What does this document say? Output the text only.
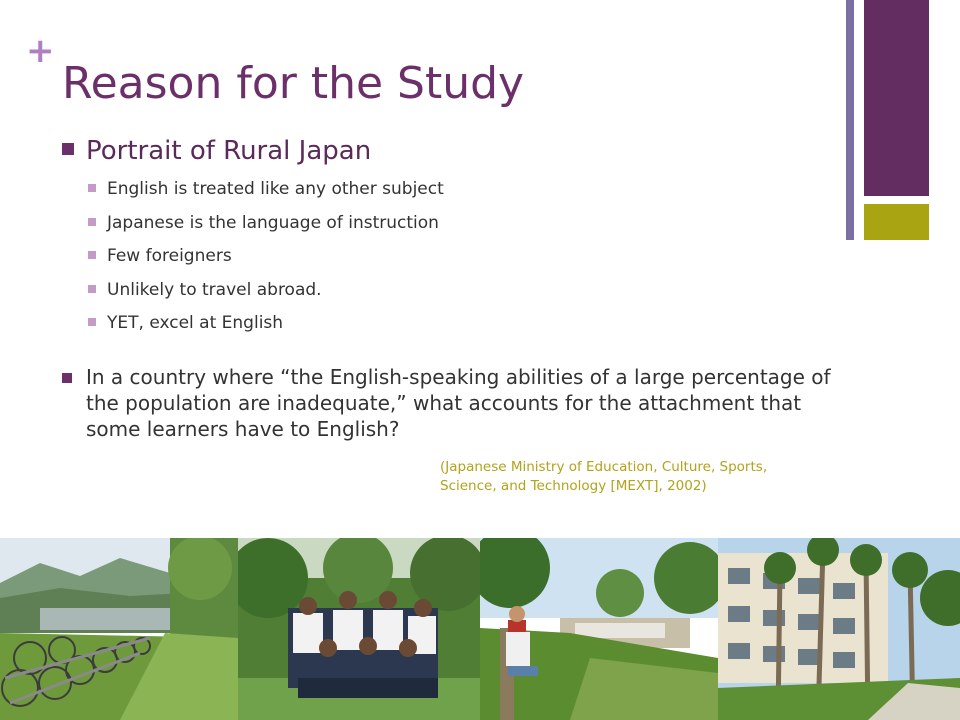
+
Reason for the Study
Portrait of Rural Japan
English is treated like any other subject
Japanese is the language of instruction
Few foreigners
Unlikely to travel abroad.
YET, excel at English
In a country where “the English-speaking abilities of a large percentage of the population are inadequate,” what accounts for the attachment that some learners have to English?
(Japanese Ministry of Education, Culture, Sports,
Science, and Technology [MEXT], 2002)
